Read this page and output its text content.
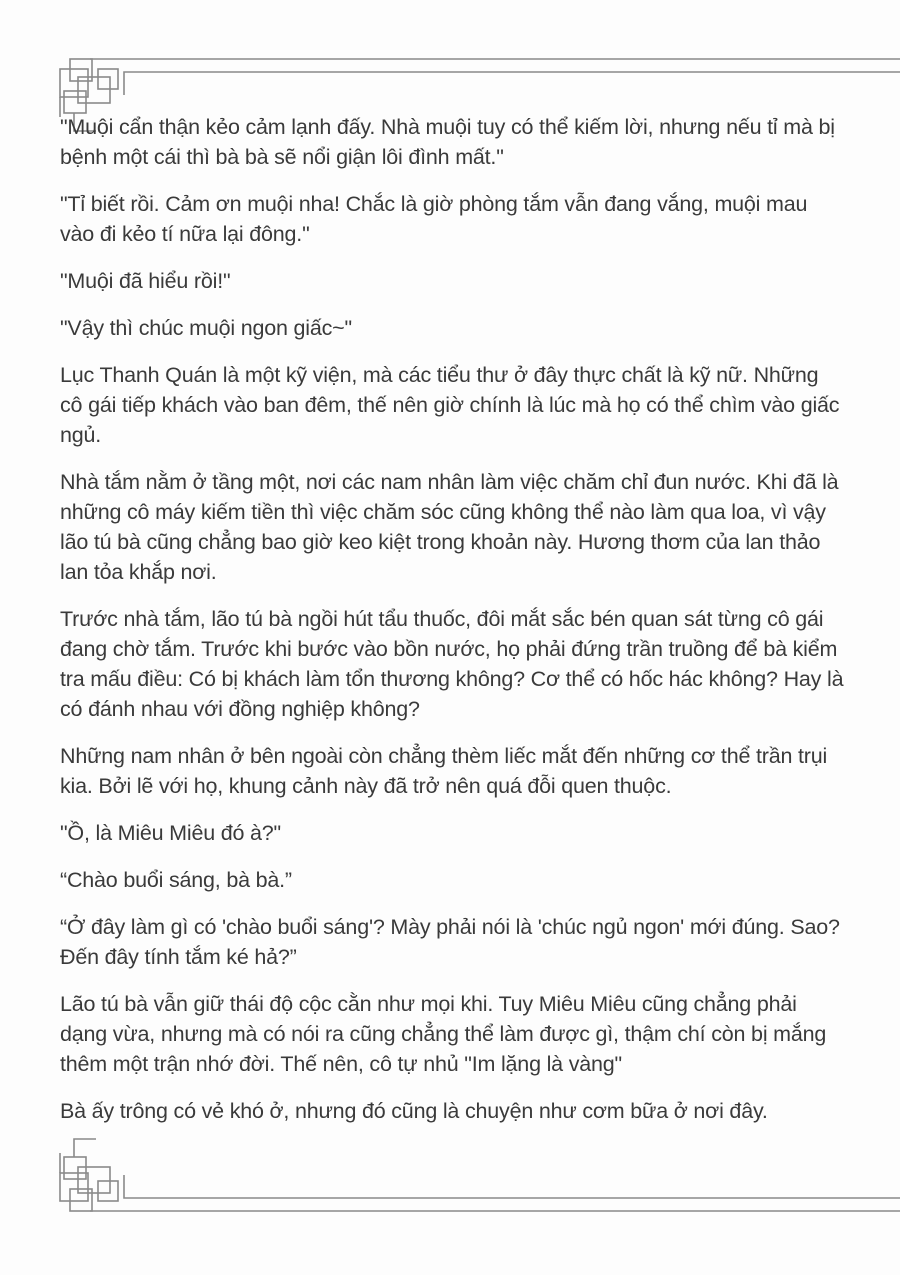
"Muội cẩn thận kẻo cảm lạnh đấy. Nhà muội tuy có thể kiếm lời, nhưng nếu tỉ mà bị bệnh một cái thì bà bà sẽ nổi giận lôi đình mất."

"Tỉ biết rồi. Cảm ơn muội nha! Chắc là giờ phòng tắm vẫn đang vắng, muội mau vào đi kẻo tí nữa lại đông."

"Muội đã hiểu rồi!"

"Vậy thì chúc muội ngon giấc~"

Lục Thanh Quán là một kỹ viện, mà các tiểu thư ở đây thực chất là kỹ nữ. Những cô gái tiếp khách vào ban đêm, thế nên giờ chính là lúc mà họ có thể chìm vào giấc ngủ.

Nhà tắm nằm ở tầng một, nơi các nam nhân làm việc chăm chỉ đun nước. Khi đã là những cô máy kiếm tiền thì việc chăm sóc cũng không thể nào làm qua loa, vì vậy lão tú bà cũng chẳng bao giờ keo kiệt trong khoản này. Hương thơm của lan thảo lan tỏa khắp nơi.

Trước nhà tắm, lão tú bà ngồi hút tẩu thuốc, đôi mắt sắc bén quan sát từng cô gái đang chờ tắm. Trước khi bước vào bồn nước, họ phải đứng trần truồng để bà kiểm tra mấu điều: Có bị khách làm tổn thương không? Cơ thể có hốc hác không? Hay là có đánh nhau với đồng nghiệp không?

Những nam nhân ở bên ngoài còn chẳng thèm liếc mắt đến những cơ thể trần trụi kia. Bởi lẽ với họ, khung cảnh này đã trở nên quá đỗi quen thuộc.

"Ồ, là Miêu Miêu đó à?"

“Chào buổi sáng, bà bà.”

“Ở đây làm gì có 'chào buổi sáng'? Mày phải nói là 'chúc ngủ ngon' mới đúng. Sao? Đến đây tính tắm ké hả?”

Lão tú bà vẫn giữ thái độ cộc cằn như mọi khi. Tuy Miêu Miêu cũng chẳng phải dạng vừa, nhưng mà có nói ra cũng chẳng thể làm được gì, thậm chí còn bị mắng thêm một trận nhớ đời. Thế nên, cô tự nhủ "Im lặng là vàng"

Bà ấy trông có vẻ khó ở, nhưng đó cũng là chuyện như cơm bữa ở nơi đây.
